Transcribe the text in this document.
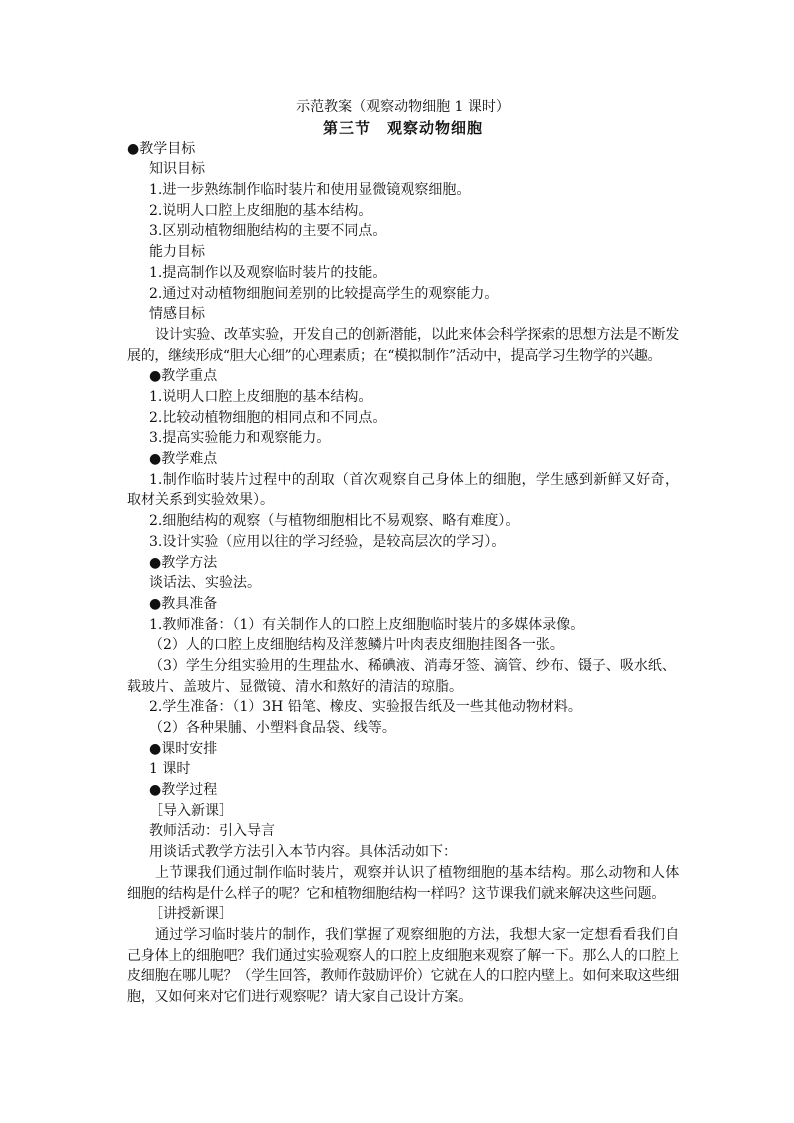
示范教案（观察动物细胞 1 课时）
第三节　观察动物细胞
●教学目标
知识目标
1.进一步熟练制作临时装片和使用显微镜观察细胞。
2.说明人口腔上皮细胞的基本结构。
3.区别动植物细胞结构的主要不同点。
能力目标
1.提高制作以及观察临时装片的技能。
2.通过对动植物细胞间差别的比较提高学生的观察能力。
情感目标
设计实验、改革实验，开发自己的创新潜能，以此来体会科学探索的思想方法是不断发展的，继续形成“胆大心细”的心理素质；在“模拟制作”活动中，提高学习生物学的兴趣。
●教学重点
1.说明人口腔上皮细胞的基本结构。
2.比较动植物细胞的相同点和不同点。
3.提高实验能力和观察能力。
●教学难点
1.制作临时装片过程中的刮取（首次观察自己身体上的细胞，学生感到新鲜又好奇，取材关系到实验效果）。
2.细胞结构的观察（与植物细胞相比不易观察、略有难度）。
3.设计实验（应用以往的学习经验，是较高层次的学习）。
●教学方法
谈话法、实验法。
●教具准备
1.教师准备：（1）有关制作人的口腔上皮细胞临时装片的多媒体录像。
（2）人的口腔上皮细胞结构及洋葱鳞片叶肉表皮细胞挂图各一张。
（3）学生分组实验用的生理盐水、稀碘液、消毒牙签、滴管、纱布、镊子、吸水纸、
载玻片、盖玻片、显微镜、清水和熬好的清洁的琼脂。
2.学生准备：（1）3H 铅笔、橡皮、实验报告纸及一些其他动物材料。
（2）各种果脯、小塑料食品袋、线等。
●课时安排
1 课时
●教学过程
［导入新课］
教师活动：引入导言
用谈话式教学方法引入本节内容。具体活动如下：
上节课我们通过制作临时装片，观察并认识了植物细胞的基本结构。那么动物和人体细胞的结构是什么样子的呢？它和植物细胞结构一样吗？这节课我们就来解决这些问题。
［讲授新课］
通过学习临时装片的制作，我们掌握了观察细胞的方法，我想大家一定想看看我们自己身体上的细胞吧？我们通过实验观察人的口腔上皮细胞来观察了解一下。那么人的口腔上皮细胞在哪儿呢？（学生回答，教师作鼓励评价）它就在人的口腔内壁上。如何来取这些细胞，又如何来对它们进行观察呢？请大家自己设计方案。
